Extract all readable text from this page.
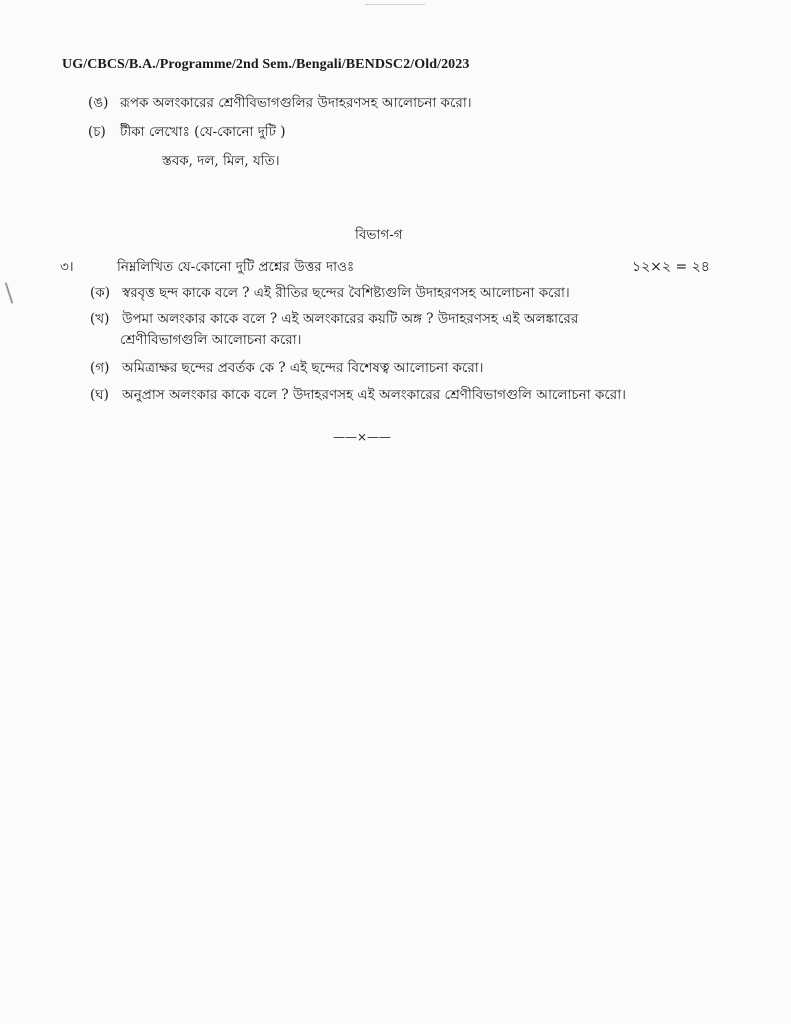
UG/CBCS/B.A./Programme/2nd Sem./Bengali/BENDSC2/Old/2023
(ঙ) রূপক অলংকারের শ্রেণীবিভাগগুলির উদাহরণসহ আলোচনা করো।
(চ) টীকা লেখোঃ (যে-কোনো দুটি )
স্তবক, দল, মিল, যতি।
বিভাগ-গ
৩।	নিম্নলিখিত যে-কোনো দুটি প্রশ্নের উত্তর দাওঃ	১২×২ = ২৪
(ক) স্বরবৃত্ত ছন্দ কাকে বলে ? এই রীতির ছন্দের বৈশিষ্ট্যগুলি উদাহরণসহ আলোচনা করো।
(খ) উপমা অলংকার কাকে বলে ? এই অলংকারের কয়টি অঙ্গ ? উদাহরণসহ এই অলঙ্কারের
শ্রেণীবিভাগগুলি আলোচনা করো।
(গ) অমিত্রাক্ষর ছন্দের প্রবর্তক কে ? এই ছন্দের বিশেষত্ব আলোচনা করো।
(ঘ) অনুপ্রাস অলংকার কাকে বলে ? উদাহরণসহ এই অলংকারের শ্রেণীবিভাগগুলি আলোচনা করো।
——×——
